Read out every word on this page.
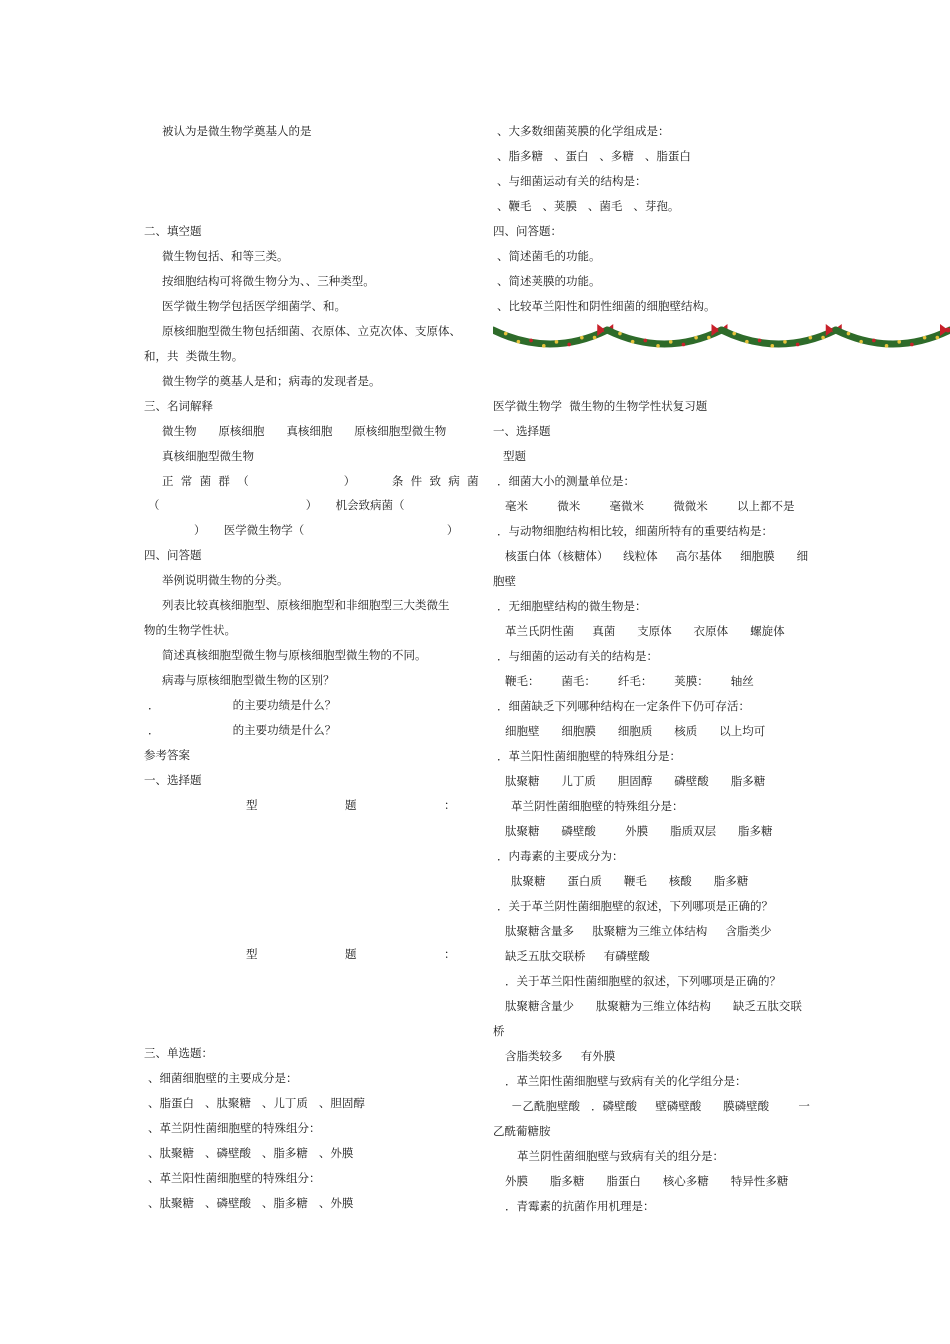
被认为是微生物学奠基人的是
二、填空题
微生物包括、和等三类。
按细胞结构可将微生物分为、、三种类型。
医学微生物学包括医学细菌学、和。
原核细胞型微生物包括细菌、衣原体、立克次体、支原体、
和，共  类微生物。
微生物学的奠基人是和；病毒的发现者是。
三、名词解释
微生物      原核细胞      真核细胞      原核细胞型微生物
真核细胞型微生物
正  常  菌  群  （                          ）          条  件  致  病  菌
（                                        ）     机会致病菌（
）     医学微生物学（                                       ）
四、问答题
举例说明微生物的分类。
列表比较真核细胞型、原核细胞型和非细胞型三大类微生
物的生物学性状。
简述真核细胞型微生物与原核细胞型微生物的不同。
病毒与原核细胞型微生物的区别？
．                    的主要功绩是什么？
．                    的主要功绩是什么？
参考答案
一、选择题
型	题	：
型	题	：
三、单选题：
、细菌细胞壁的主要成分是：
、脂蛋白   、肽聚糖   、儿丁质   、胆固醇
、革兰阴性菌细胞壁的特殊组分：
、肽聚糖   、磷壁酸   、脂多糖   、外膜
、革兰阳性菌细胞壁的特殊组分：
、肽聚糖   、磷壁酸   、脂多糖   、外膜
、大多数细菌荚膜的化学组成是：
、脂多糖   、蛋白   、多糖   、脂蛋白
、与细菌运动有关的结构是：
、鞭毛   、荚膜   、菌毛   、芽孢。
四、问答题：
、简述菌毛的功能。
、简述荚膜的功能。
、比较革兰阳性和阴性细菌的细胞壁结构。
医学微生物学  微生物的生物学性状复习题
一、选择题
型题
．细菌大小的测量单位是：
毫米        微米        毫微米        微微米        以上都不是
．与动物细胞结构相比较，细菌所特有的重要结构是：
核蛋白体（核糖体）    线粒体     高尔基体     细胞膜      细
胞壁
．无细胞壁结构的微生物是：
革兰氏阴性菌     真菌      支原体      衣原体      螺旋体
．与细菌的运动有关的结构是：
鞭毛：      菌毛：      纤毛：      荚膜：      轴丝
．细菌缺乏下列哪种结构在一定条件下仍可存活：
细胞壁      细胞膜      细胞质      核质      以上均可
．革兰阳性菌细胞壁的特殊组分是：
肽聚糖      儿丁质      胆固醇      磷壁酸      脂多糖
革兰阴性菌细胞壁的特殊组分是：
肽聚糖      磷壁酸        外膜      脂质双层      脂多糖
．内毒素的主要成分为：
肽聚糖      蛋白质      鞭毛      核酸      脂多糖
．关于革兰阴性菌细胞壁的叙述，下列哪项是正确的？
肽聚糖含量多     肽聚糖为三维立体结构     含脂类少
缺乏五肽交联桥     有磷壁酸
．关于革兰阳性菌细胞壁的叙述，下列哪项是正确的？
肽聚糖含量少      肽聚糖为三维立体结构      缺乏五肽交联
桥
含脂类较多     有外膜
．革兰阳性菌细胞壁与致病有关的化学组分是：
－乙酰胞壁酸   ．磷壁酸     壁磷壁酸      膜磷壁酸        一
乙酰葡糖胺
革兰阴性菌细胞壁与致病有关的组分是：
外膜      脂多糖      脂蛋白      核心多糖      特异性多糖
．青霉素的抗菌作用机理是：
